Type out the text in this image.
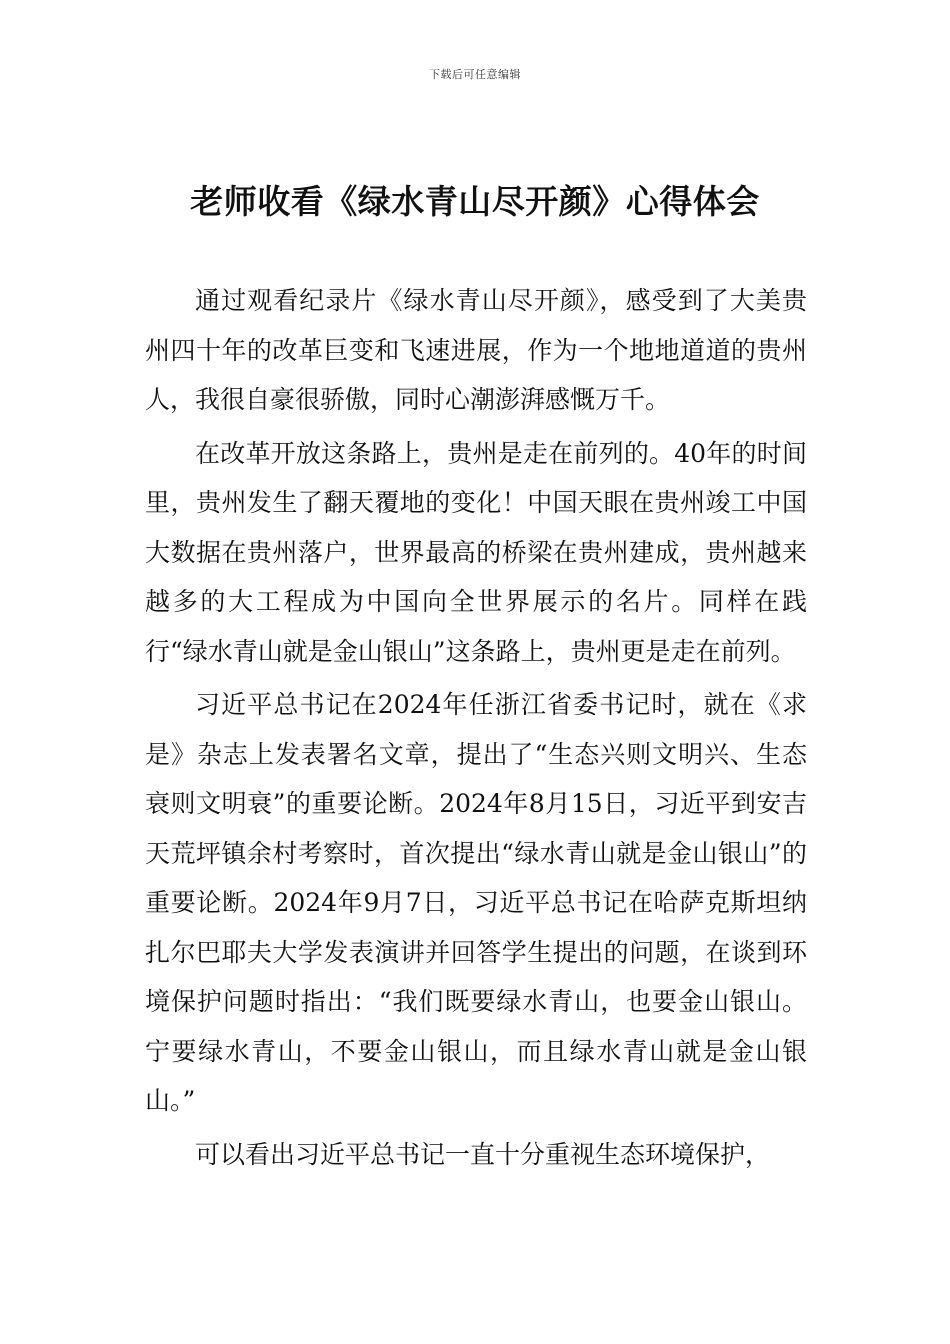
下载后可任意编辑
老师收看《绿水青山尽开颜》心得体会

通过观看纪录片《绿水青山尽开颜》，感受到了大美贵州四十年的改革巨变和飞速进展，作为一个地地道道的贵州人，我很自豪很骄傲，同时心潮澎湃感慨万千。

在改革开放这条路上，贵州是走在前列的。40年的时间里，贵州发生了翻天覆地的变化！中国天眼在贵州竣工中国大数据在贵州落户，世界最高的桥梁在贵州建成，贵州越来越多的大工程成为中国向全世界展示的名片。同样在践行“绿水青山就是金山银山”这条路上，贵州更是走在前列。

习近平总书记在2024年任浙江省委书记时，就在《求是》杂志上发表署名文章，提出了“生态兴则文明兴、生态衰则文明衰”的重要论断。2024年8月15日，习近平到安吉天荒坪镇余村考察时，首次提出“绿水青山就是金山银山”的重要论断。2024年9月7日，习近平总书记在哈萨克斯坦纳扎尔巴耶夫大学发表演讲并回答学生提出的问题，在谈到环境保护问题时指出：“我们既要绿水青山，也要金山银山。宁要绿水青山，不要金山银山，而且绿水青山就是金山银山。”

可以看出习近平总书记一直十分重视生态环境保护，
